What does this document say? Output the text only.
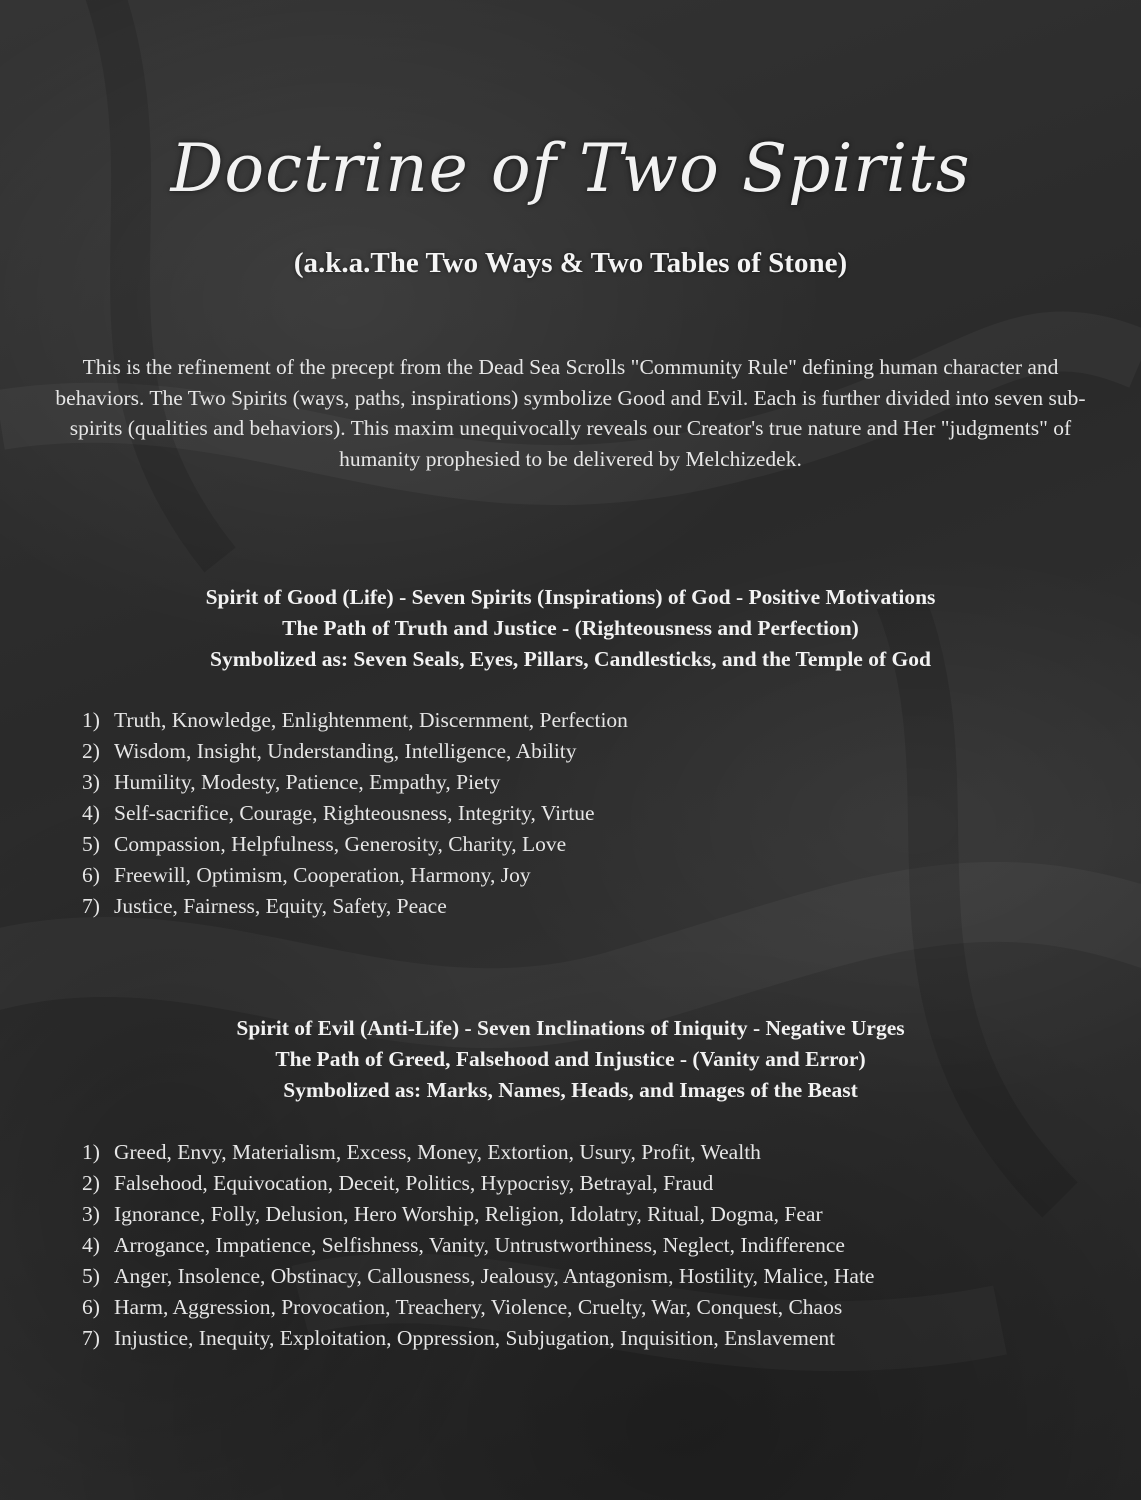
Doctrine of Two Spirits
(a.k.a.The Two Ways & Two Tables of Stone)

This is the refinement of the precept from the Dead Sea Scrolls "Community Rule" defining human character and behaviors. The Two Spirits (ways, paths, inspirations) symbolize Good and Evil. Each is further divided into seven sub-spirits (qualities and behaviors). This maxim unequivocally reveals our Creator's true nature and Her "judgments" of humanity prophesied to be delivered by Melchizedek.

Spirit of Good (Life) - Seven Spirits (Inspirations) of God - Positive Motivations
The Path of Truth and Justice - (Righteousness and Perfection)
Symbolized as: Seven Seals, Eyes, Pillars, Candlesticks, and the Temple of God
1) Truth, Knowledge, Enlightenment, Discernment, Perfection
2) Wisdom, Insight, Understanding, Intelligence, Ability
3) Humility, Modesty, Patience, Empathy, Piety
4) Self-sacrifice, Courage, Righteousness, Integrity, Virtue
5) Compassion, Helpfulness, Generosity, Charity, Love
6) Freewill, Optimism, Cooperation, Harmony, Joy
7) Justice, Fairness, Equity, Safety, Peace
Spirit of Evil (Anti-Life) - Seven Inclinations of Iniquity - Negative Urges
The Path of Greed, Falsehood and Injustice - (Vanity and Error)
Symbolized as: Marks, Names, Heads, and Images of the Beast
1) Greed, Envy, Materialism, Excess, Money, Extortion, Usury, Profit, Wealth
2) Falsehood, Equivocation, Deceit, Politics, Hypocrisy, Betrayal, Fraud
3) Ignorance, Folly, Delusion, Hero Worship, Religion, Idolatry, Ritual, Dogma, Fear
4) Arrogance, Impatience, Selfishness, Vanity, Untrustworthiness, Neglect, Indifference
5) Anger, Insolence, Obstinacy, Callousness, Jealousy, Antagonism, Hostility, Malice, Hate
6) Harm, Aggression, Provocation, Treachery, Violence, Cruelty, War, Conquest, Chaos
7) Injustice, Inequity, Exploitation, Oppression, Subjugation, Inquisition, Enslavement
